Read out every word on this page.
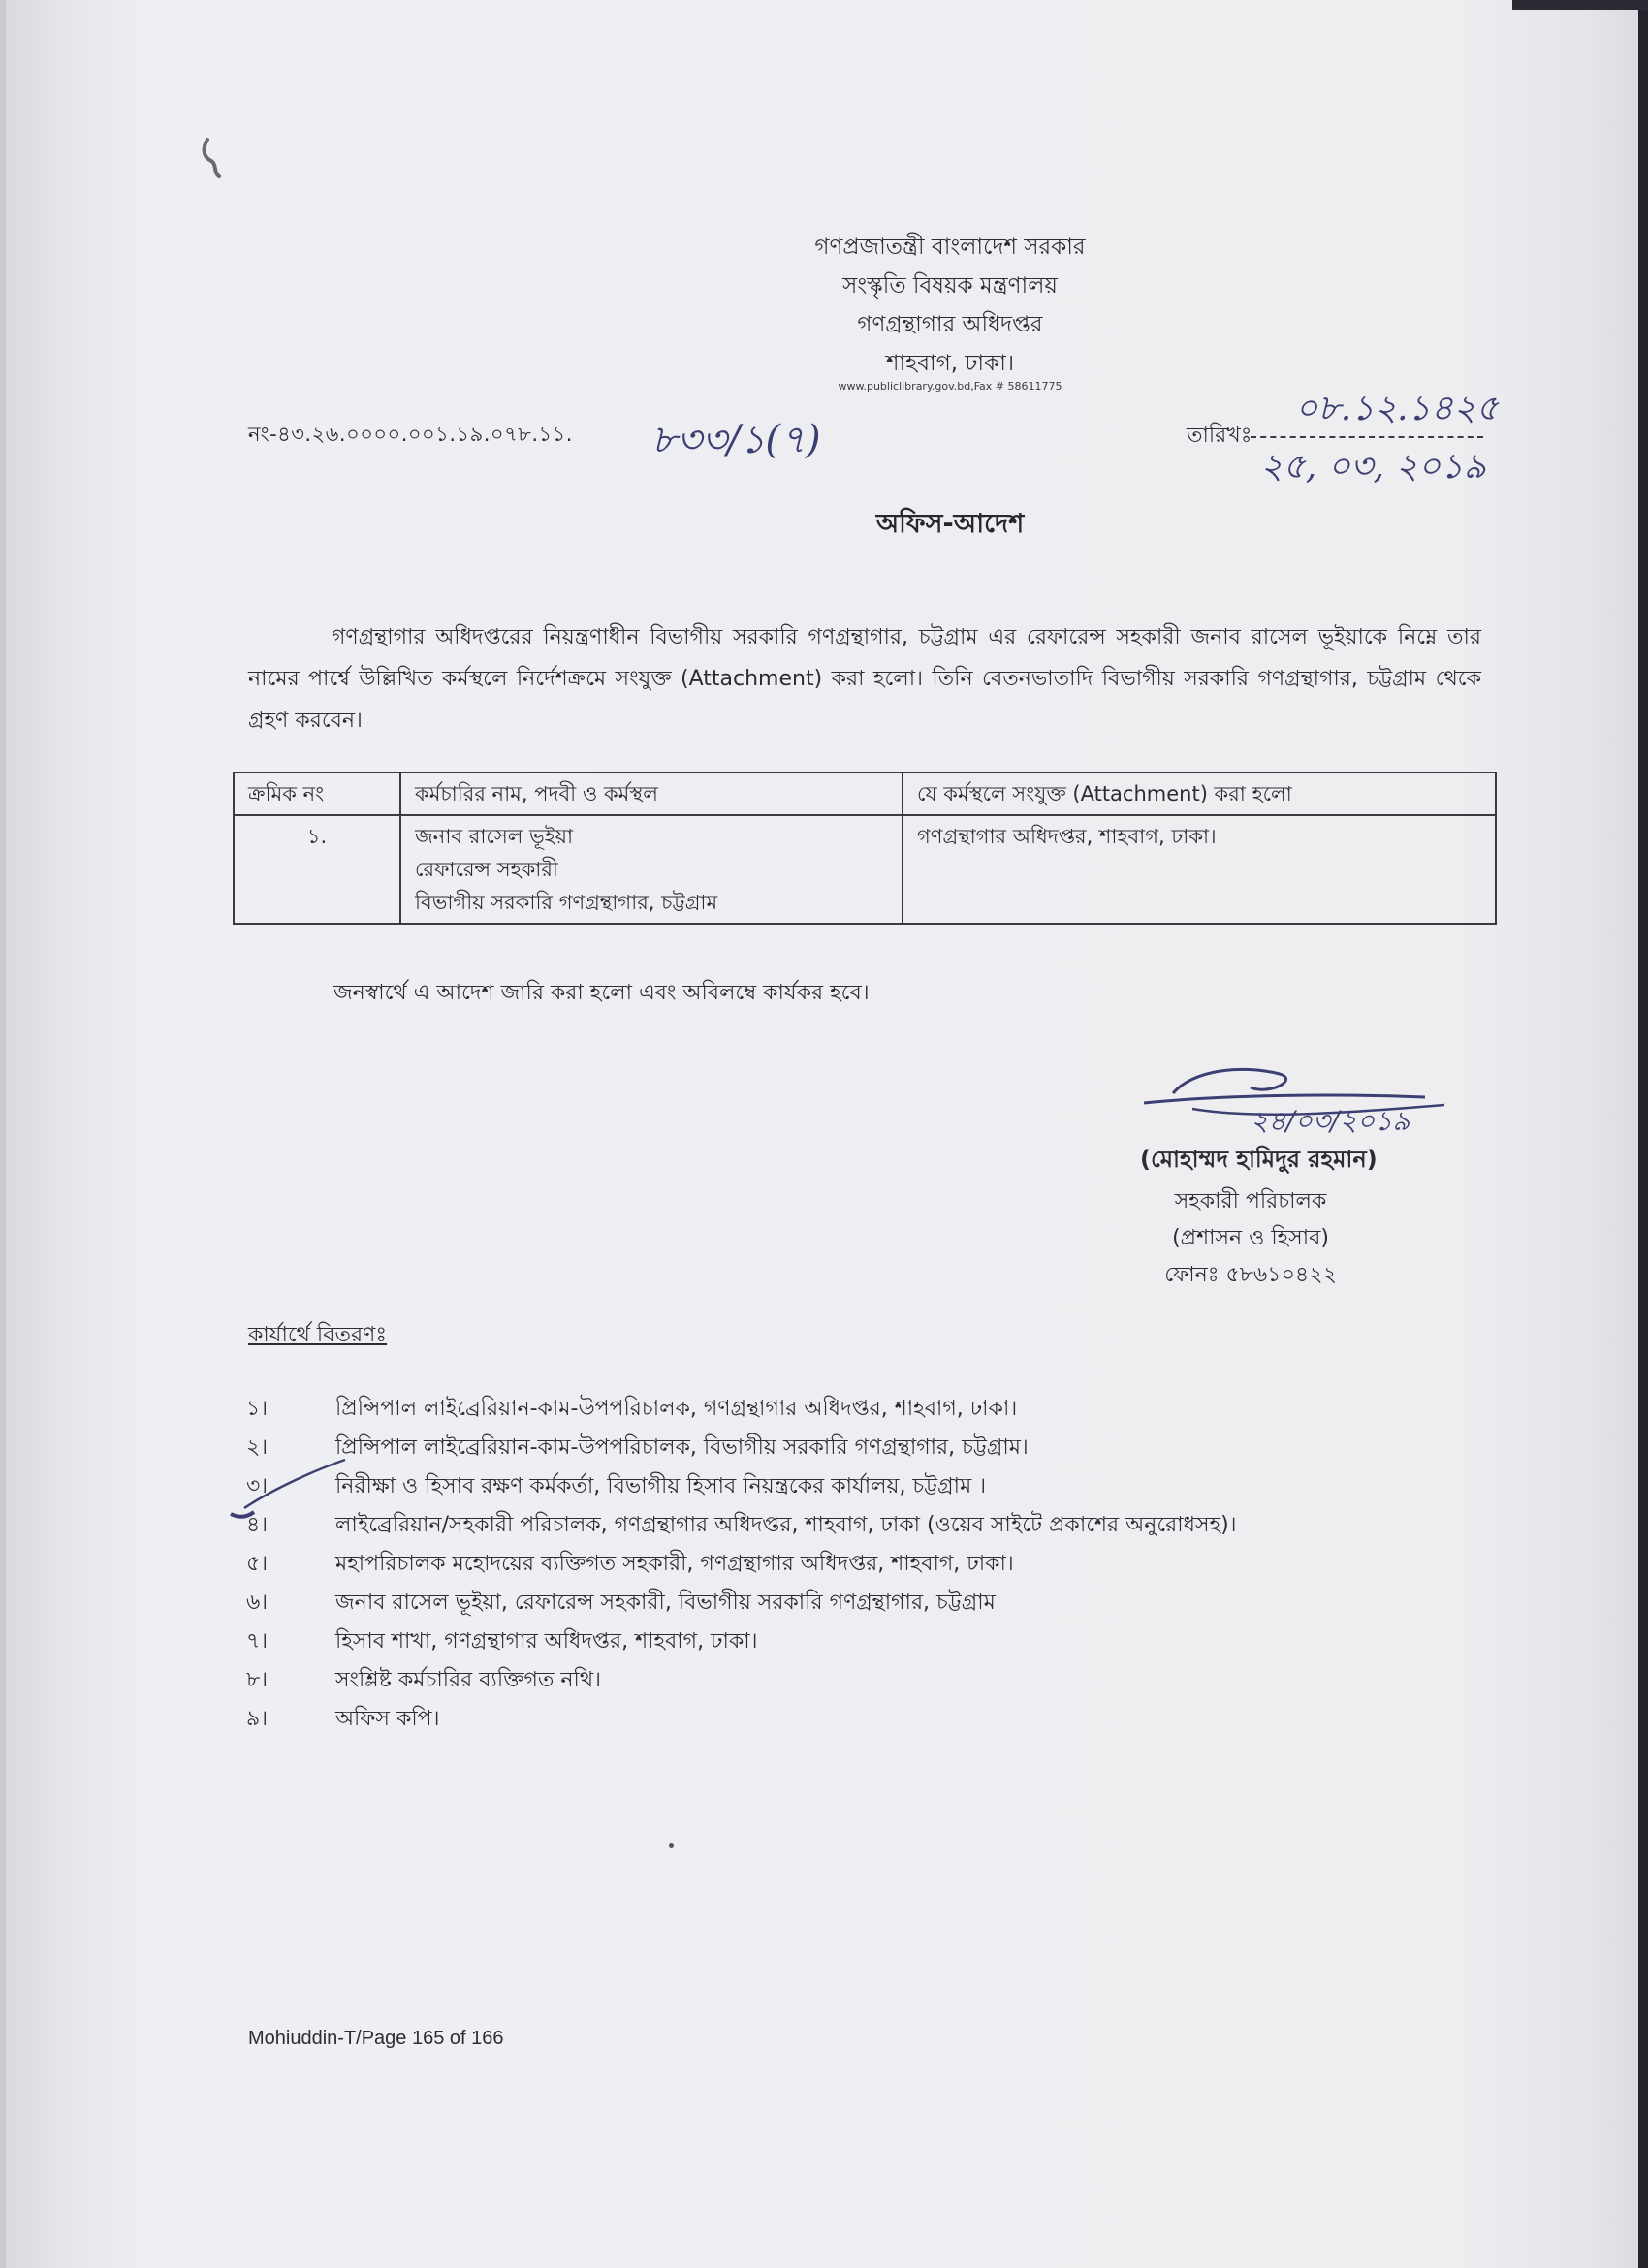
গণপ্রজাতন্ত্রী বাংলাদেশ সরকার
সংস্কৃতি বিষয়ক মন্ত্রণালয়
গণগ্রন্থাগার অধিদপ্তর
শাহবাগ, ঢাকা।
www.publiclibrary.gov.bd,Fax # 58611775
নং-৪৩.২৬.০০০০.০০১.১৯.০৭৮.১১. ৮৩৩/১(৭)
০৮.১২.১৪২৫
তারিখঃ
২৫, ০৩, ২০১৯
অফিস-আদেশ
গণগ্রন্থাগার অধিদপ্তরের নিয়ন্ত্রণাধীন বিভাগীয় সরকারি গণগ্রন্থাগার, চট্টগ্রাম এর রেফারেন্স সহকারী জনাব রাসেল ভূইয়াকে নিম্নে তার নামের পার্শ্বে উল্লিখিত কর্মস্থলে নির্দেশক্রমে সংযুক্ত (Attachment) করা হলো। তিনি বেতনভাতাদি বিভাগীয় সরকারি গণগ্রন্থাগার, চট্টগ্রাম থেকে গ্রহণ করবেন।
ক্রমিক নং	কর্মচারির নাম, পদবী ও কর্মস্থল	যে কর্মস্থলে সংযুক্ত (Attachment) করা হলো
১.	জনাব রাসেল ভূইয়া
রেফারেন্স সহকারী
বিভাগীয় সরকারি গণগ্রন্থাগার, চট্টগ্রাম	গণগ্রন্থাগার অধিদপ্তর, শাহবাগ, ঢাকা।
জনস্বার্থে এ আদেশ জারি করা হলো এবং অবিলম্বে কার্যকর হবে।
২৪/০৩/২০১৯
(মোহাম্মদ হামিদুর রহমান)
সহকারী পরিচালক
(প্রশাসন ও হিসাব)
ফোনঃ ৫৮৬১০৪২২
কার্যার্থে বিতরণঃ
১।	প্রিন্সিপাল লাইব্রেরিয়ান-কাম-উপপরিচালক, গণগ্রন্থাগার অধিদপ্তর, শাহবাগ, ঢাকা।
২।	প্রিন্সিপাল লাইব্রেরিয়ান-কাম-উপপরিচালক, বিভাগীয় সরকারি গণগ্রন্থাগার, চট্টগ্রাম।
৩।	নিরীক্ষা ও হিসাব রক্ষণ কর্মকর্তা, বিভাগীয় হিসাব নিয়ন্ত্রকের কার্যালয়, চট্টগ্রাম ।
৪।	লাইব্রেরিয়ান/সহকারী পরিচালক, গণগ্রন্থাগার অধিদপ্তর, শাহবাগ, ঢাকা (ওয়েব সাইটে প্রকাশের অনুরোধসহ)।
৫।	মহাপরিচালক মহোদয়ের ব্যক্তিগত সহকারী, গণগ্রন্থাগার অধিদপ্তর, শাহবাগ, ঢাকা।
৬।	জনাব রাসেল ভূইয়া, রেফারেন্স সহকারী, বিভাগীয় সরকারি গণগ্রন্থাগার, চট্টগ্রাম
৭।	হিসাব শাখা, গণগ্রন্থাগার অধিদপ্তর, শাহবাগ, ঢাকা।
৮।	সংশ্লিষ্ট কর্মচারির ব্যক্তিগত নথি।
৯।	অফিস কপি।
Mohiuddin-T/Page 165 of 166
